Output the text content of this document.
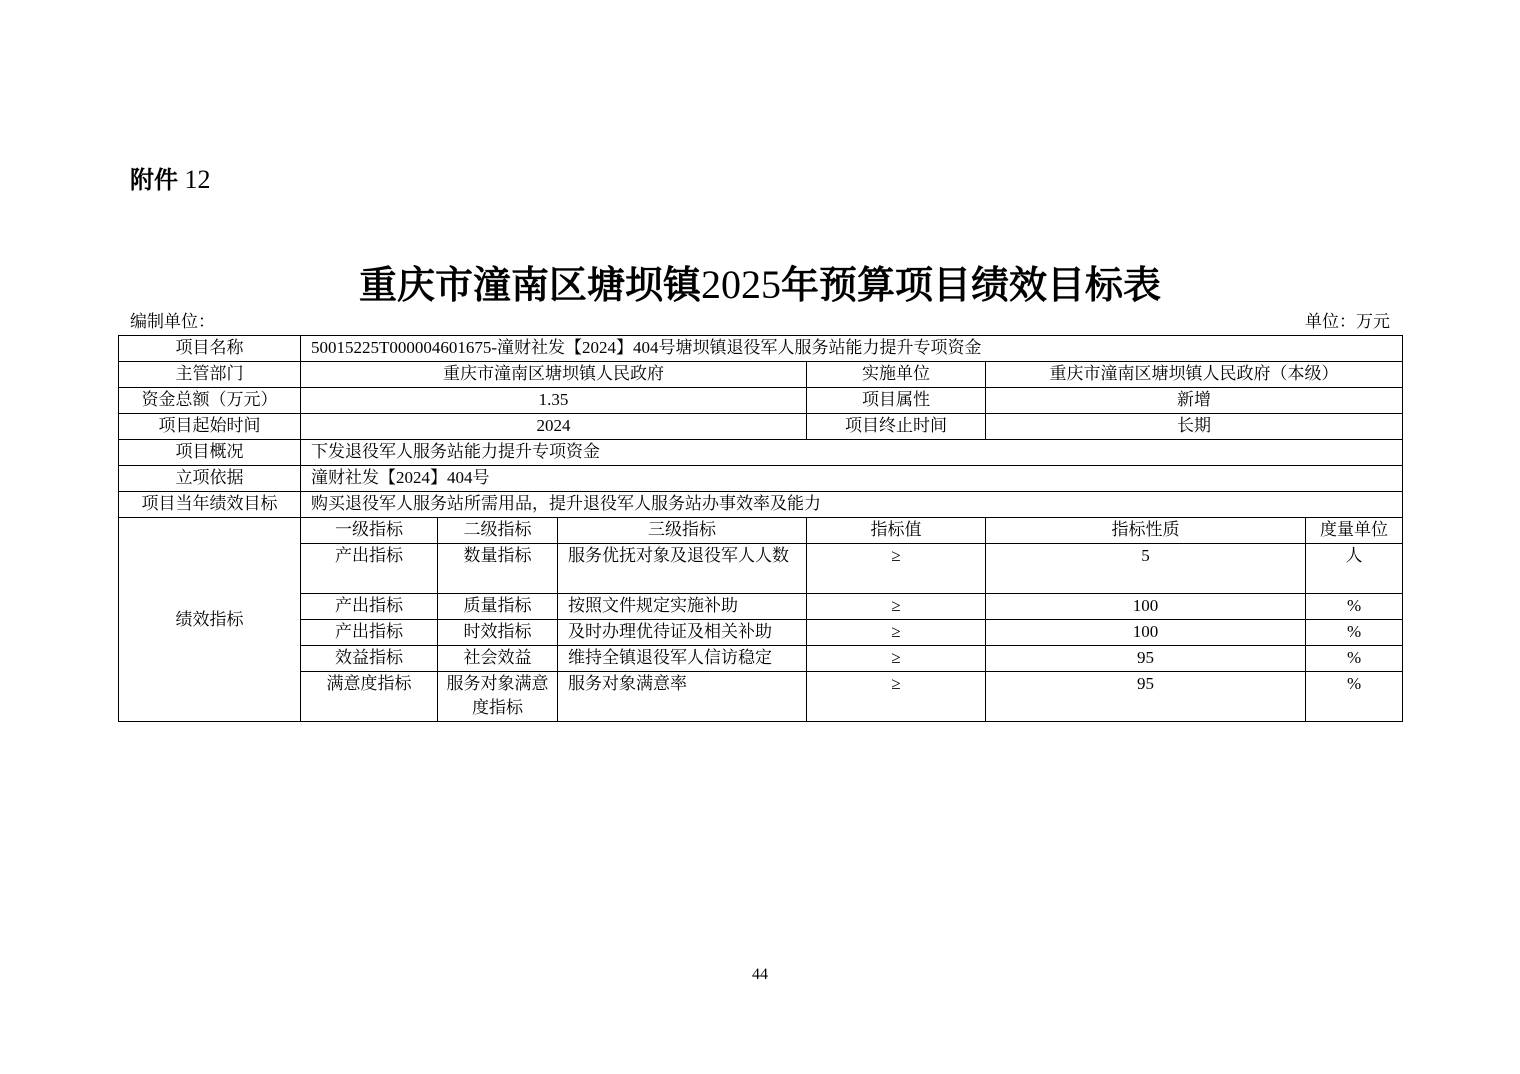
附件 12
重庆市潼南区塘坝镇2025年预算项目绩效目标表
编制单位：	单位：万元
项目名称	50015225T000004601675-潼财社发【2024】404号塘坝镇退役军人服务站能力提升专项资金					
主管部门	重庆市潼南区塘坝镇人民政府			实施单位	重庆市潼南区塘坝镇人民政府（本级）	
资金总额（万元）	1.35			项目属性	新增	
项目起始时间	2024			项目终止时间	长期	
项目概况	下发退役军人服务站能力提升专项资金					
立项依据	潼财社发【2024】404号					
项目当年绩效目标	购买退役军人服务站所需用品，提升退役军人服务站办事效率及能力					
绩效指标	一级指标	二级指标	三级指标	指标值	指标性质	度量单位
	产出指标	数量指标	服务优抚对象及退役军人人数	≥	5	人
	产出指标	质量指标	按照文件规定实施补助	≥	100	%
	产出指标	时效指标	及时办理优待证及相关补助	≥	100	%
	效益指标	社会效益	维持全镇退役军人信访稳定	≥	95	%
	满意度指标	服务对象满意度指标	服务对象满意率	≥	95	%
44
